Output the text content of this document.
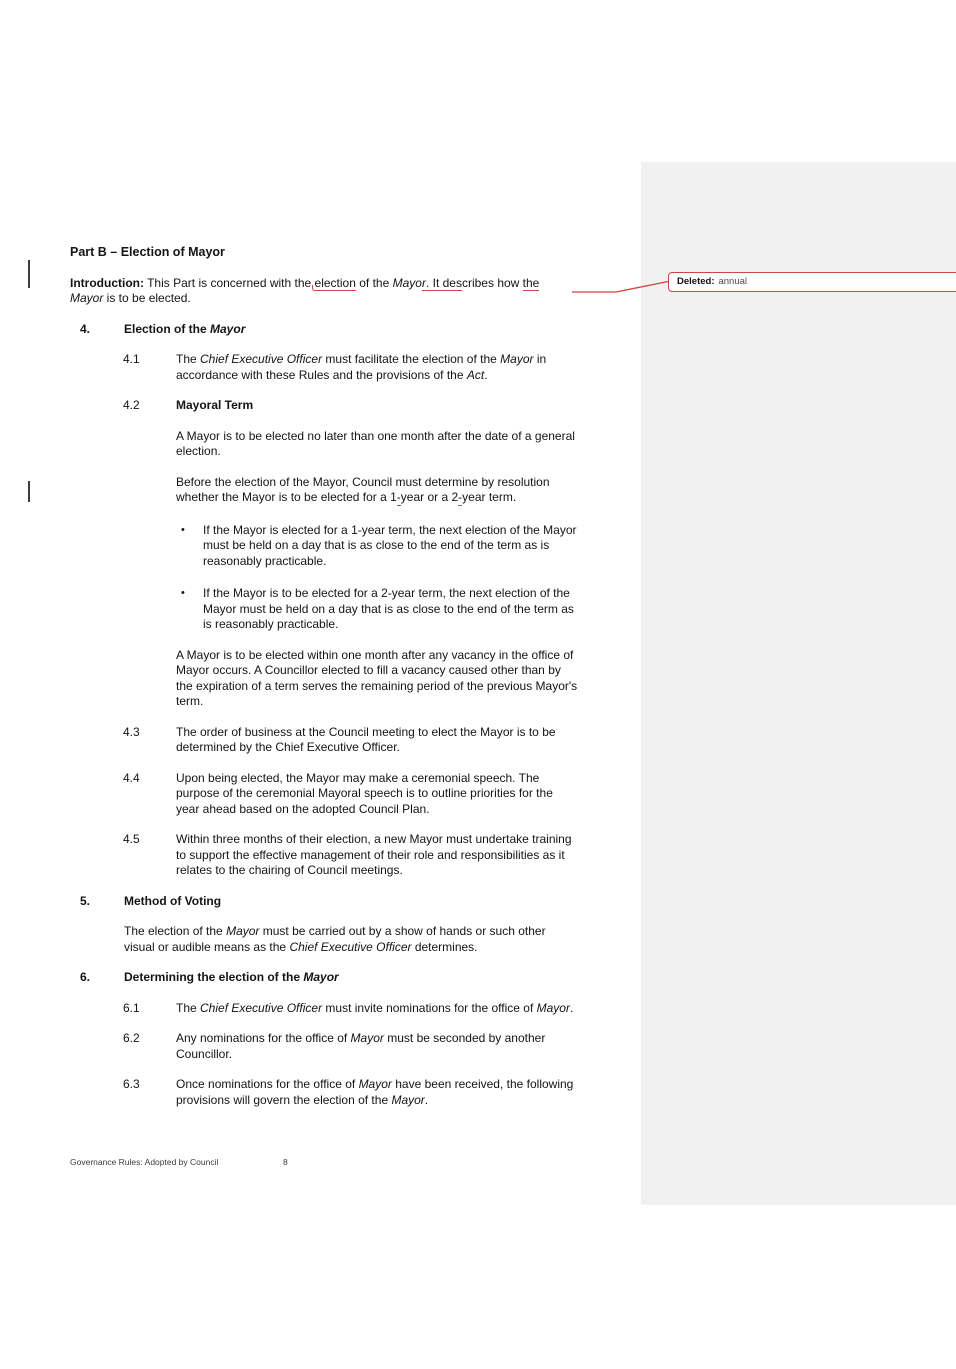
Part B – Election of Mayor
Introduction: This Part is concerned with the election of the Mayor. It describes how the
Mayor is to be elected.
4.	Election of the Mayor
4.1	The Chief Executive Officer must facilitate the election of the Mayor in
accordance with these Rules and the provisions of the Act.
4.2	Mayoral Term
A Mayor is to be elected no later than one month after the date of a general
election.
Before the election of the Mayor, Council must determine by resolution
whether the Mayor is to be elected for a 1-year or a 2-year term.
•	If the Mayor is elected for a 1-year term, the next election of the Mayor
must be held on a day that is as close to the end of the term as is
reasonably practicable.
•	If the Mayor is to be elected for a 2-year term, the next election of the
Mayor must be held on a day that is as close to the end of the term as
is reasonably practicable.
A Mayor is to be elected within one month after any vacancy in the office of
Mayor occurs. A Councillor elected to fill a vacancy caused other than by
the expiration of a term serves the remaining period of the previous Mayor's
term.
4.3	The order of business at the Council meeting to elect the Mayor is to be
determined by the Chief Executive Officer.
4.4	Upon being elected, the Mayor may make a ceremonial speech. The
purpose of the ceremonial Mayoral speech is to outline priorities for the
year ahead based on the adopted Council Plan.
4.5	Within three months of their election, a new Mayor must undertake training
to support the effective management of their role and responsibilities as it
relates to the chairing of Council meetings.
5.	Method of Voting
The election of the Mayor must be carried out by a show of hands or such other
visual or audible means as the Chief Executive Officer determines.
6.	Determining the election of the Mayor
6.1	The Chief Executive Officer must invite nominations for the office of Mayor.
6.2	Any nominations for the office of Mayor must be seconded by another
Councillor.
6.3	Once nominations for the office of Mayor have been received, the following
provisions will govern the election of the Mayor.
Deleted: annual
Governance Rules: Adopted by Council	8
